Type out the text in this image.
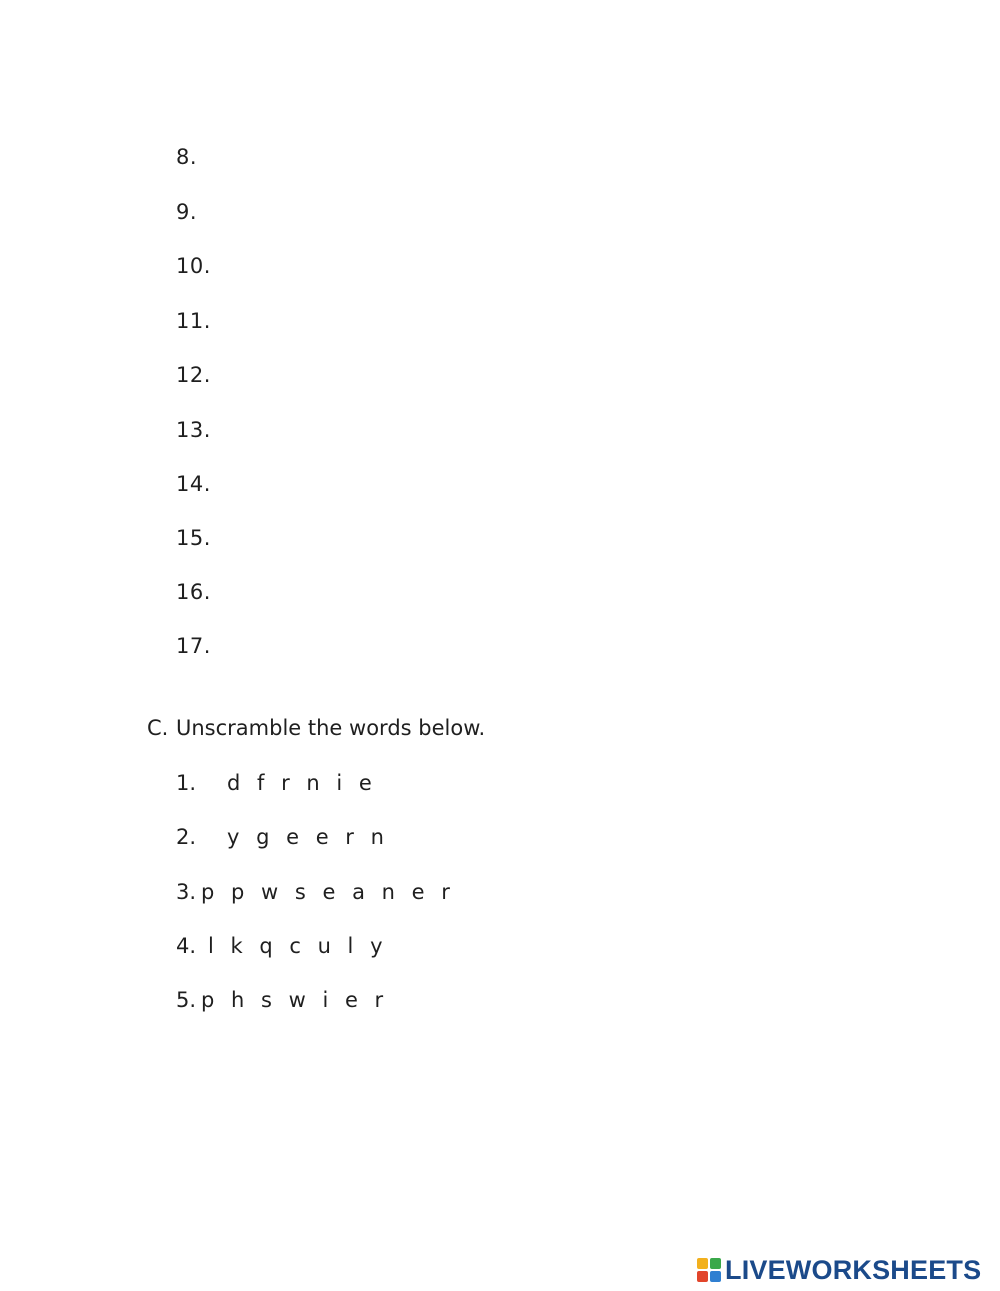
8.
9.
10.
11.
12.
13.
14.
15.
16.
17.
C. Unscramble the words below.
1. d f r n i e
2. y g e e r n
3. p p w s e a n e r
4. l k q c u l y
5. p h s w i e r
LIVEWORKSHEETS
